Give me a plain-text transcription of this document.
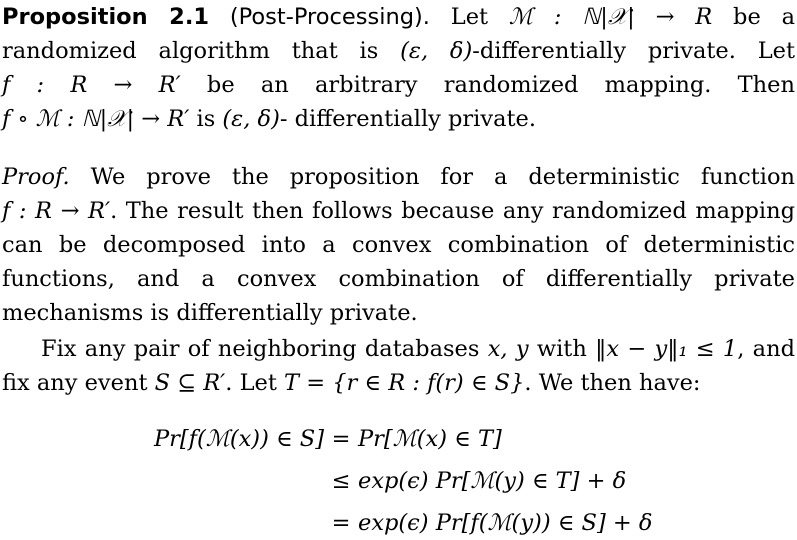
Proposition 2.1 (Post-Processing). Let ℳ : ℕ|𝒳| → R be a randomized algorithm that is (ε, δ)-differentially private. Let f : R → R′ be an arbitrary randomized mapping. Then f ∘ ℳ : ℕ|𝒳| → R′ is (ε, δ)- differentially private.
Proof. We prove the proposition for a deterministic function f : R → R′. The result then follows because any randomized mapping can be decomposed into a convex combination of deterministic functions, and a convex combination of differentially private mechanisms is differentially private.
Fix any pair of neighboring databases x, y with ‖x − y‖₁ ≤ 1, and fix any event S ⊆ R′. Let T = {r ∈ R : f(r) ∈ S}. We then have:
Pr[f(ℳ(x)) ∈ S] = Pr[ℳ(x) ∈ T]
≤ exp(ϵ) Pr[ℳ(y) ∈ T] + δ
= exp(ϵ) Pr[f(ℳ(y)) ∈ S] + δ
